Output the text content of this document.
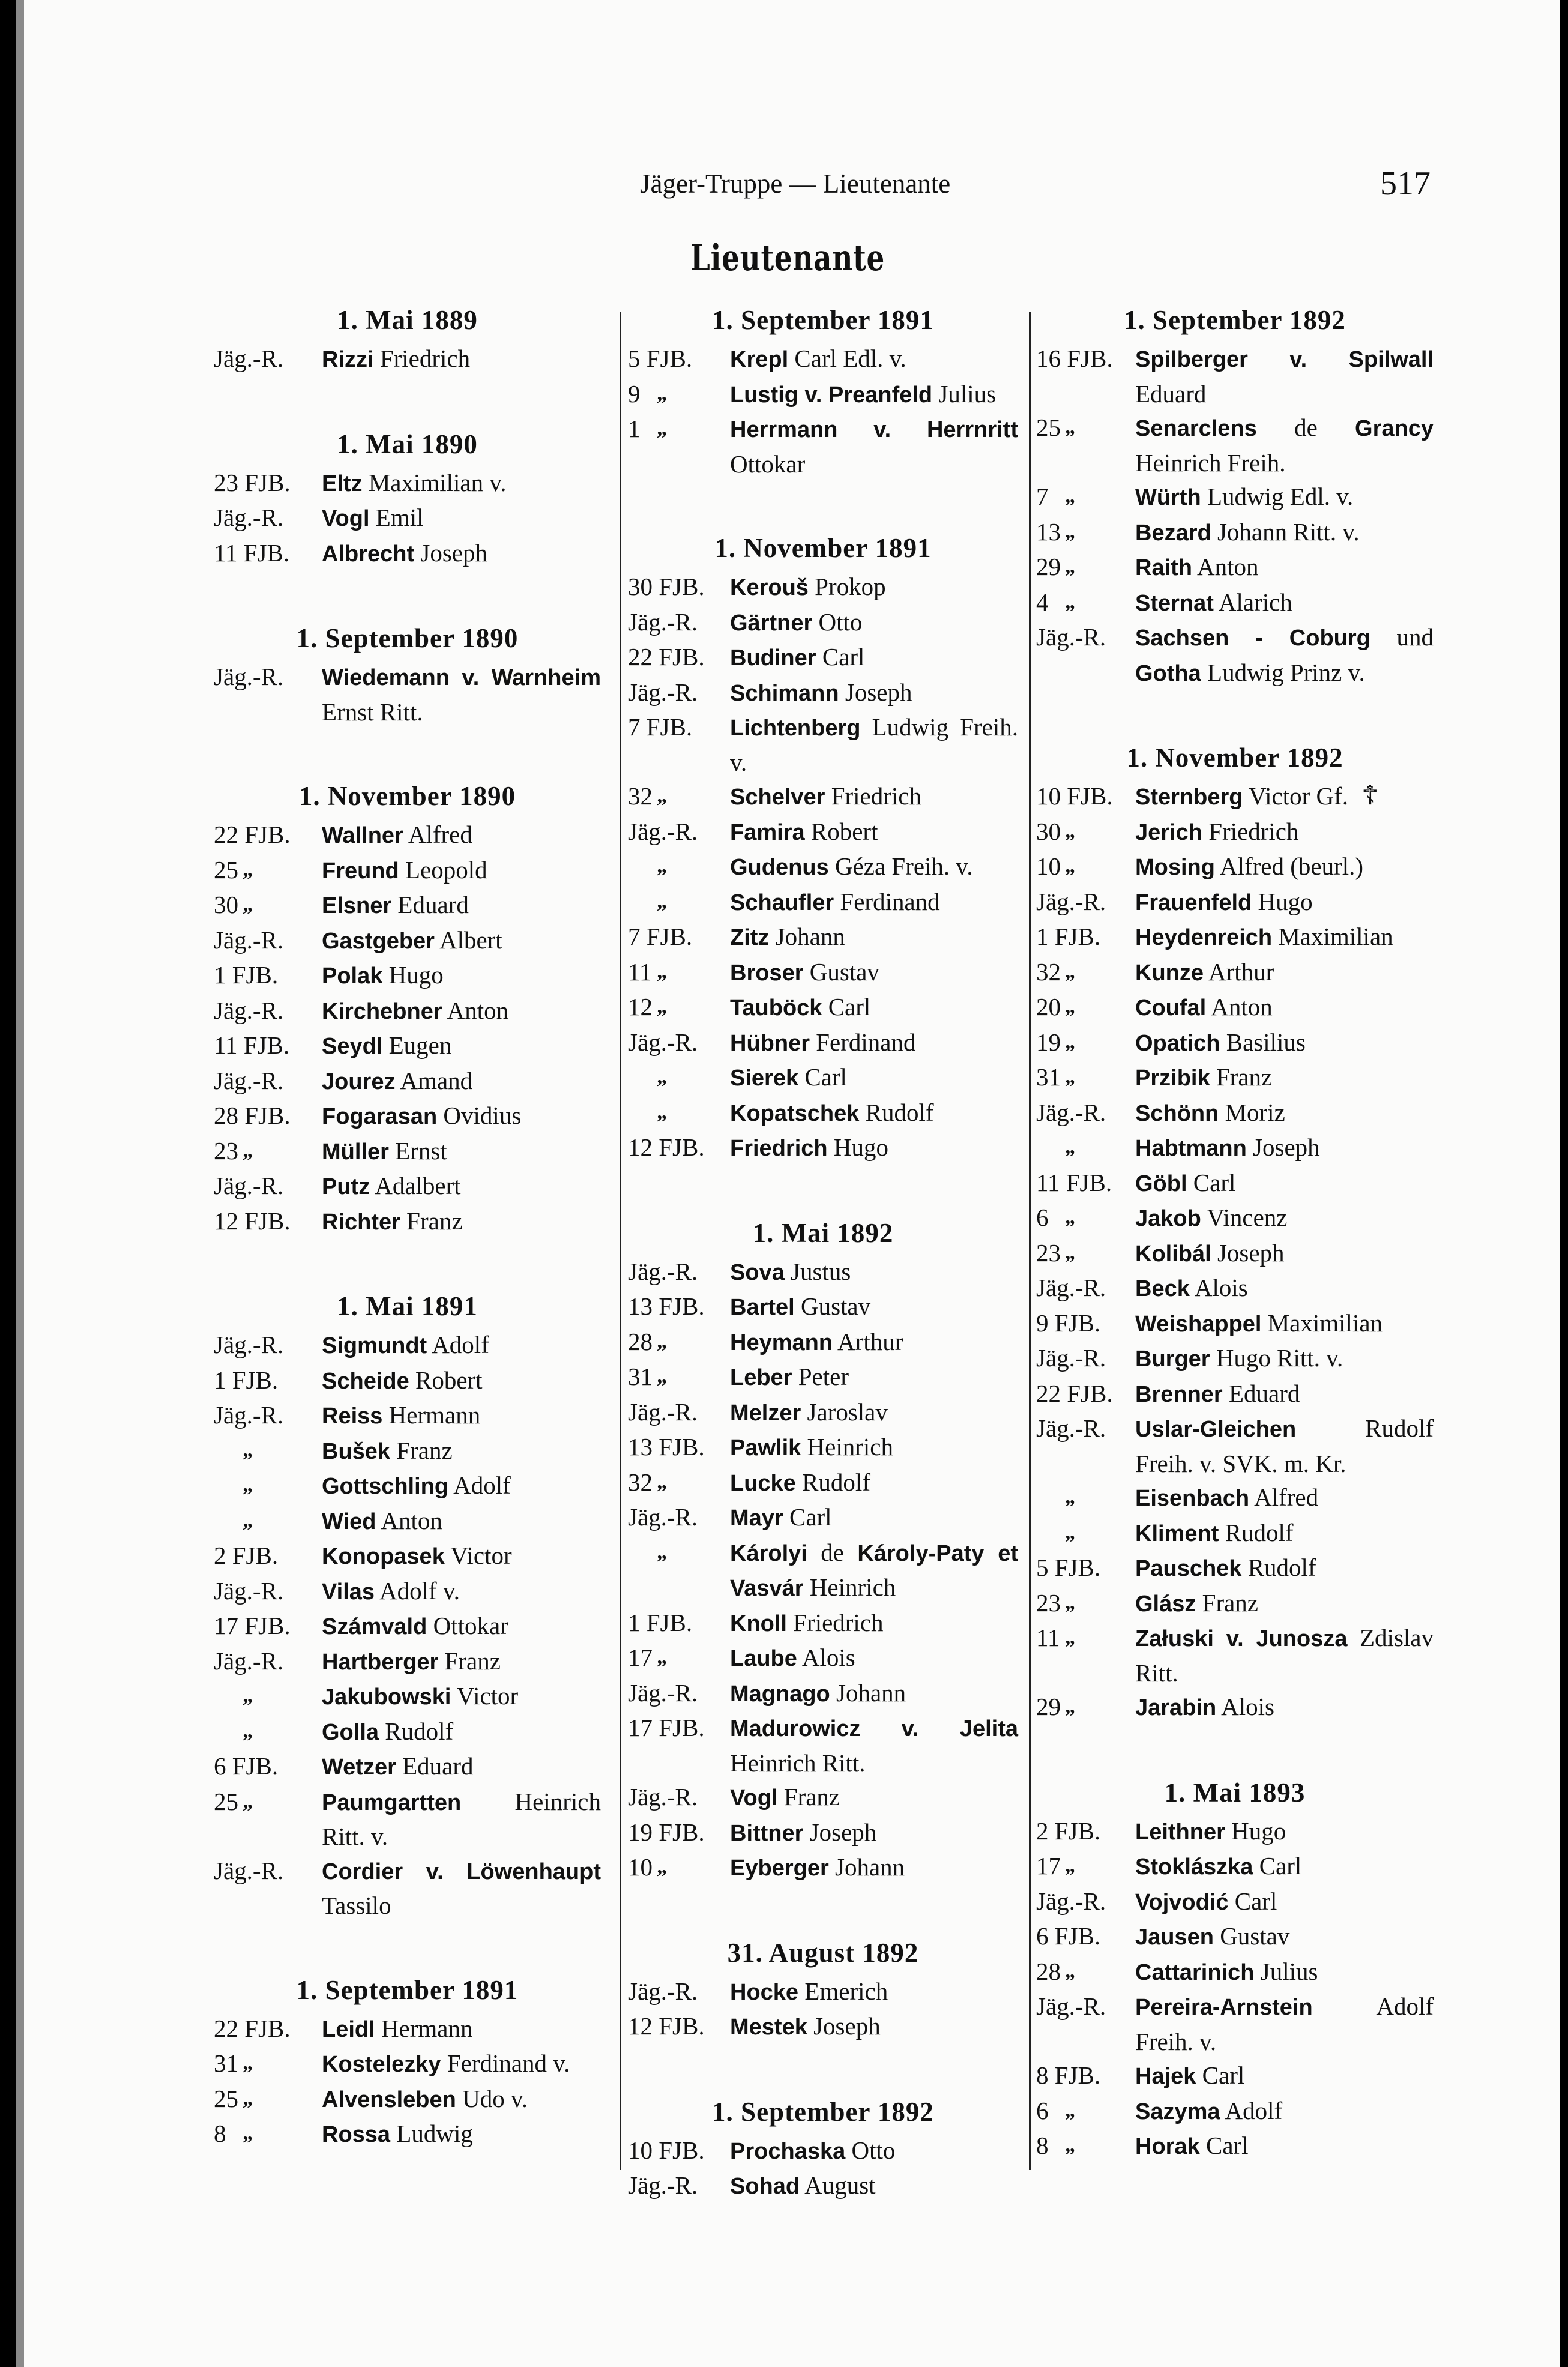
Jäger-Truppe — Lieutenante	517
Lieutenante
1. Mai 1889
Jäg.-R.	Rizzi Friedrich
1. Mai 1890
23 FJB.	Eltz Maximilian v.
Jäg.-R.	Vogl Emil
11 FJB.	Albrecht Joseph
1. September 1890
Jäg.-R.	Wiedemann v. Warnheim Ernst Ritt.
1. November 1890
22 FJB.	Wallner Alfred
25 „	Freund Leopold
30 „	Elsner Eduard
Jäg.-R.	Gastgeber Albert
1 FJB.	Polak Hugo
Jäg.-R.	Kirchebner Anton
11 FJB.	Seydl Eugen
Jäg.-R.	Jourez Amand
28 FJB.	Fogarasan Ovidius
23 „	Müller Ernst
Jäg.-R.	Putz Adalbert
12 FJB.	Richter Franz
1. Mai 1891
Jäg.-R.	Sigmundt Adolf
1 FJB.	Scheide Robert
Jäg.-R.	Reiss Hermann
„	Bušek Franz
„	Gottschling Adolf
„	Wied Anton
2 FJB.	Konopasek Victor
Jäg.-R.	Vilas Adolf v.
17 FJB.	Számvald Ottokar
Jäg.-R.	Hartberger Franz
„	Jakubowski Victor
„	Golla Rudolf
6 FJB.	Wetzer Eduard
25 „	Paumgartten Heinrich Ritt. v.
Jäg.-R.	Cordier v. Löwenhaupt Tassilo
1. September 1891
22 FJB.	Leidl Hermann
31 „	Kostelezky Ferdinand v.
25 „	Alvensleben Udo v.
8 „	Rossa Ludwig
1. September 1891
5 FJB.	Krepl Carl Edl. v.
9 „	Lustig v. Preanfeld Julius
1 „	Herrmann v. Herrnritt Ottokar
1. November 1891
30 FJB.	Kerouš Prokop
Jäg.-R.	Gärtner Otto
22 FJB.	Budiner Carl
Jäg.-R.	Schimann Joseph
7 FJB.	Lichtenberg Ludwig Freih. v.
32 „	Schelver Friedrich
Jäg.-R.	Famira Robert
„	Gudenus Géza Freih. v.
„	Schaufler Ferdinand
7 FJB.	Zitz Johann
11 „	Broser Gustav
12 „	Tauböck Carl
Jäg.-R.	Hübner Ferdinand
„	Sierek Carl
„	Kopatschek Rudolf
12 FJB.	Friedrich Hugo
1. Mai 1892
Jäg.-R.	Sova Justus
13 FJB.	Bartel Gustav
28 „	Heymann Arthur
31 „	Leber Peter
Jäg.-R.	Melzer Jaroslav
13 FJB.	Pawlik Heinrich
32 „	Lucke Rudolf
Jäg.-R.	Mayr Carl
„	Károlyi de Károly-Paty et Vasvár Heinrich
1 FJB.	Knoll Friedrich
17 „	Laube Alois
Jäg.-R.	Magnago Johann
17 FJB.	Madurowicz v. Jelita Heinrich Ritt.
Jäg.-R.	Vogl Franz
19 FJB.	Bittner Joseph
10 „	Eyberger Johann
31. August 1892
Jäg.-R.	Hocke Emerich
12 FJB.	Mestek Joseph
1. September 1892
10 FJB.	Prochaska Otto
Jäg.-R.	Sohad August
1. September 1892
16 FJB. Spilberger v. Spilwall Eduard
25 „	Senarclens de Grancy Heinrich Freih.
7 „	Würth Ludwig Edl. v.
13 „	Bezard Johann Ritt. v.
29 „	Raith Anton
4 „	Sternat Alarich
Jäg.-R.	Sachsen - Coburg und Gotha Ludwig Prinz v.
1. November 1892
10 FJB. Sternberg Victor Gf. ☦
30 „	Jerich Friedrich
10 „	Mosing Alfred (beurl.)
Jäg.-R.	Frauenfeld Hugo
1 FJB.	Heydenreich Maximilian
32 „	Kunze Arthur
20 „	Coufal Anton
19 „	Opatich Basilius
31 „	Przibik Franz
Jäg.-R.	Schönn Moriz
„	Habtmann Joseph
11 FJB.	Göbl Carl
6 „	Jakob Vincenz
23 „	Kolibál Joseph
Jäg.-R.	Beck Alois
9 FJB.	Weishappel Maximilian
Jäg.-R.	Burger Hugo Ritt. v.
22 FJB. Brenner Eduard
Jäg.-R.	Uslar-Gleichen Rudolf Freih. v. SVK. m. Kr.
„	Eisenbach Alfred
„	Kliment Rudolf
5 FJB.	Pauschek Rudolf
23 „	Glász Franz
11 „	Załuski v. Junosza Zdislav Ritt.
29 „	Jarabin Alois
1. Mai 1893
2 FJB.	Leithner Hugo
17 „	Stoklászka Carl
Jäg.-R.	Vojvodić Carl
6 FJB.	Jausen Gustav
28 „	Cattarinich Julius
Jäg.-R.	Pereira-Arnstein Adolf Freih. v.
8 FJB.	Hajek Carl
6 „	Sazyma Adolf
8 „	Horak Carl
